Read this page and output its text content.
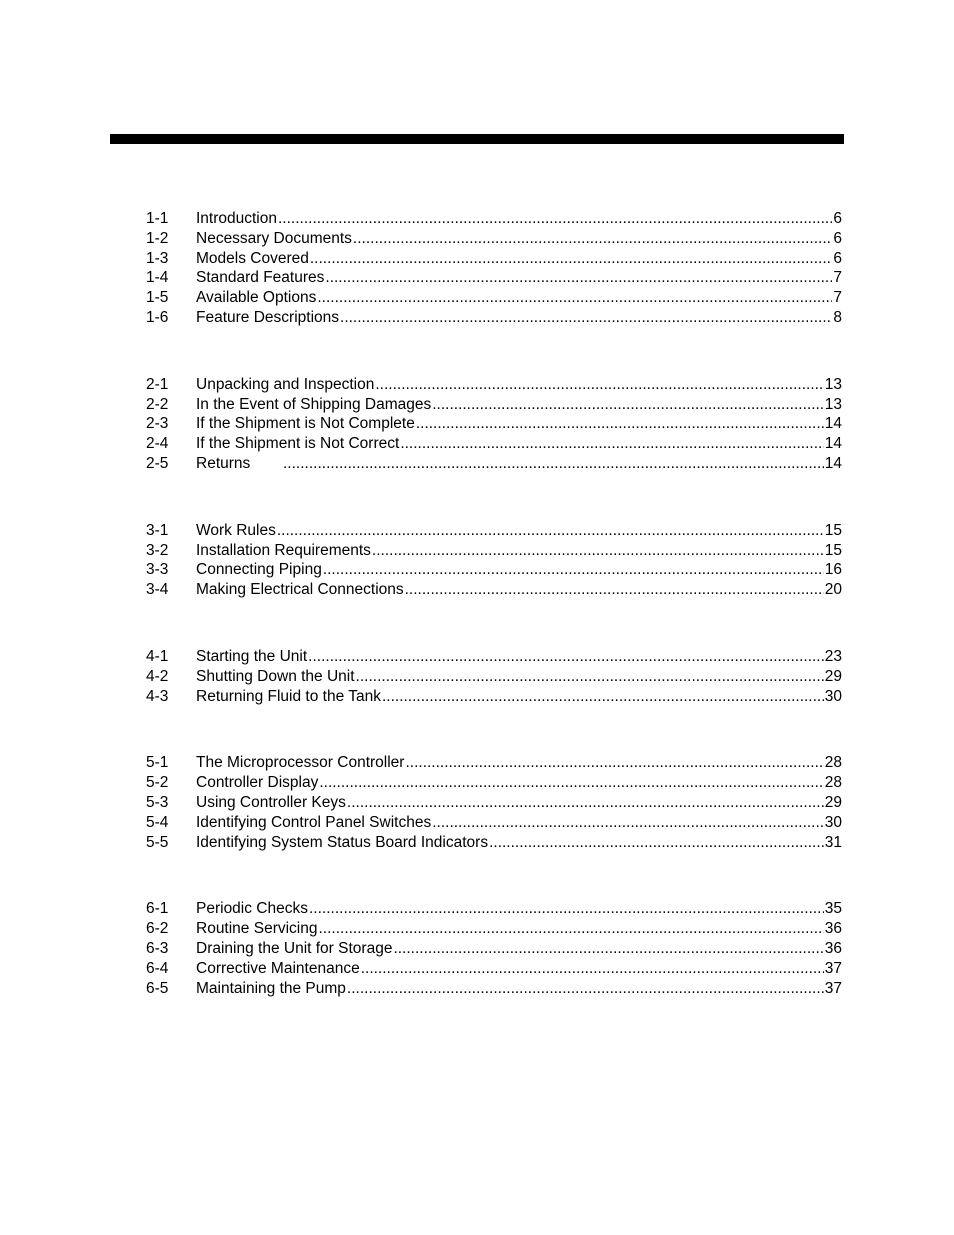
1-1	Introduction .....	6
1-2	Necessary Documents .....	6
1-3	Models Covered .....	6
1-4	Standard Features .....	7
1-5	Available Options .....	7
1-6	Feature Descriptions .....	8
2-1	Unpacking and Inspection .....	13
2-2	In the Event of Shipping Damages .....	13
2-3	If the Shipment is Not Complete .....	14
2-4	If the Shipment is Not Correct .....	14
2-5	Returns .....	14
3-1	Work Rules .....	15
3-2	Installation Requirements .....	15
3-3	Connecting Piping .....	16
3-4	Making Electrical Connections .....	20
4-1	Starting the Unit .....	23
4-2	Shutting Down the Unit .....	29
4-3	Returning Fluid to the Tank .....	30
5-1	The Microprocessor Controller .....	28
5-2	Controller Display .....	28
5-3	Using Controller Keys .....	29
5-4	Identifying Control Panel Switches .....	30
5-5	Identifying System Status Board Indicators .....	31
6-1	Periodic Checks .....	35
6-2	Routine Servicing .....	36
6-3	Draining the Unit for Storage .....	36
6-4	Corrective Maintenance .....	37
6-5	Maintaining the Pump .....	37
